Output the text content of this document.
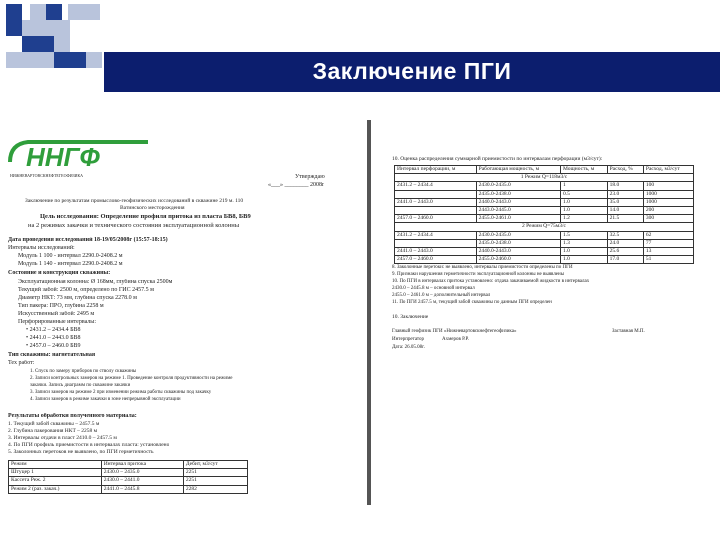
Заключение ПГИ
ННГФ
НИЖНЕВАРТОВСКНЕФТЕГЕОФИЗИКА	Утверждаю
«___» ________ 2008г
Заключение по результатам промыслово-геофизических исследований в скважине 219 м. 110
Ватинского месторождения
Цель исследования: Определение профиля притока из пласта БВ8, БВ9
на 2 режимах закачки и технического состояния эксплуатационной колонны
Дата проведения исследований 18-19/05/2008г (15:57-18:15)
Интервалы исследований:
Модуль 1 100 - интервал 2290.0-2408.2 м
Модуль 1 140 - интервал 2290.0-2408.2 м
Состояние и конструкция скважины:
Эксплуатационная колонна: Ø 168мм, глубина спуска 2500м
Текущий забой: 2500 м, определено по ГИС 2457.5 м
Диаметр НКТ: 73 мм, глубина спуска 2278.0 м
Тип пакера: ПРО, глубина 2258 м
Искусственный забой: 2495 м
Перфорированные интервалы:
• 2431.2 – 2434.4 БВ8
• 2441.0 – 2443.0 БВ8
• 2457.0 – 2460.0 БВ9
Тип скважины: нагнетательная
Тех работ:
1. Спуск по замеру приборов по стволу скважины
2. Записи контрольных замеров на режиме 1. Проведение контроля продуктивности на режиме
закачки. Запись диаграмм по скважине закачки
3. Записи замеров на режиме 2 при изменении режима работы скважины под закачку
4. Записи замеров в режиме закачки в зоне непрерывной эксплуатации
Результаты обработки полученного материала:
1. Текущий забой скважины – 2457.5 м
2. Глубина пакерования НКТ – 2258 м
3. Интервалы отдачи в пласт 2410.0 – 2457.5 м
4. По ПГИ профиль приемистости в интервалах пласта: установлено
5. Заколонных перетоков не выявлено, по ПГИ герметичность
Режим	Интервал притока	Дебит, м3/сут
Штуцер 1	2430.0 – 2435.0	2251
Кассета Реж. 2	2430.0 – 2441.0	2251
Режим 2 (раз. закач.)	2441.0 – 2445.8	2282
10. Оценка распределения суммарной приемистости по интервалам перфорации (м3/сут):
Интервал перфорации, м	Работающая мощность, м	Мощность, м	Расход, %	Расход, м3/сут
1 Режим Q=118м3/с				
2431.2 – 2434.4	2430.0-2435.0	1	18.0	100
	2435.0-2438.0	0.5	23.0	1000
2441.0 – 2443.0	2440.0-2443.0	1.0	35.0	1000
	2443.0-2445.0	1.0	14.0	200
2457.0 – 2460.0	2455.0-2461.0	1.2	21.5	300
2 Режим Q=75м3/с				
2431.2 – 2434.4	2430.0-2435.0	1.5	32.5	62
	2435.0-2438.0	1.3	24.0	77
2441.0 – 2443.0	2440.0-2443.0	1.0	25.6	13
2457.0 – 2460.0	2455.0-2460.0	1.0	17.0	51
8. Заколонные перетоки: не выявлено, интервалы приемистости определены по ПГИ
9. Признаки нарушения герметичности эксплуатационной колонны не выявлены
10. По ПГИ в интервалах притока установлено: отдача закачиваемой жидкости в интервалах
2430.0 – 2445.8 м – основной интервал
2455.0 – 2461.0 м – дополнительный интервал
11. По ПГИ 2457.5 м, текущий забой скважины по данным ПГИ определен
10. Заключение
Главный геофизик ПГИ «Нижневартовскнефтегеофизика»	Заставная М.П.
Интерпретатор	Ахмеров Р.Р.
Дата: 26.05.08г.
